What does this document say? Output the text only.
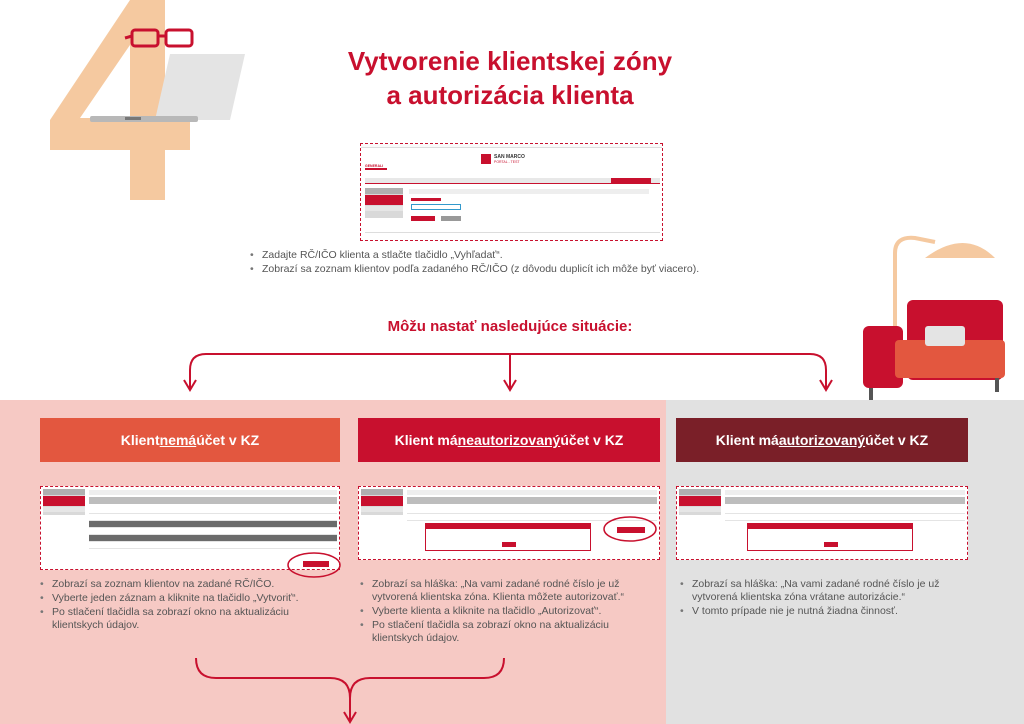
Vytvorenie klientskej zóny
a autorizácia klienta
GENERALI
SAN MARCO
PORTAL - TEST
• Zadajte RČ/IČO klienta a stlačte tlačidlo „Vyhľadať“.
• Zobrazí sa zoznam klientov podľa zadaného RČ/IČO (z dôvodu duplicít ich môže byť viacero).
Môžu nastať nasledujúce situácie:
Klient nemá účet v KZ
• Zobrazí sa zoznam klientov na zadané RČ/IČO.
• Vyberte jeden záznam a kliknite na tlačidlo „Vytvoriť“.
• Po stlačení tlačidla sa zobrazí okno na aktualizáciu klientskych údajov.
Klient má neautorizovaný účet v KZ
• Zobrazí sa hláška: „Na vami zadané rodné číslo je už vytvorená klientska zóna. Klienta môžete autorizovať.“
• Vyberte klienta a kliknite na tlačidlo „Autorizovať“.
• Po stlačení tlačidla sa zobrazí okno na aktualizáciu klientskych údajov.
Klient má autorizovaný účet v KZ
• Zobrazí sa hláška: „Na vami zadané rodné číslo je už vytvorená klientska zóna vrátane autorizácie.“
• V tomto prípade nie je nutná žiadna činnosť.
